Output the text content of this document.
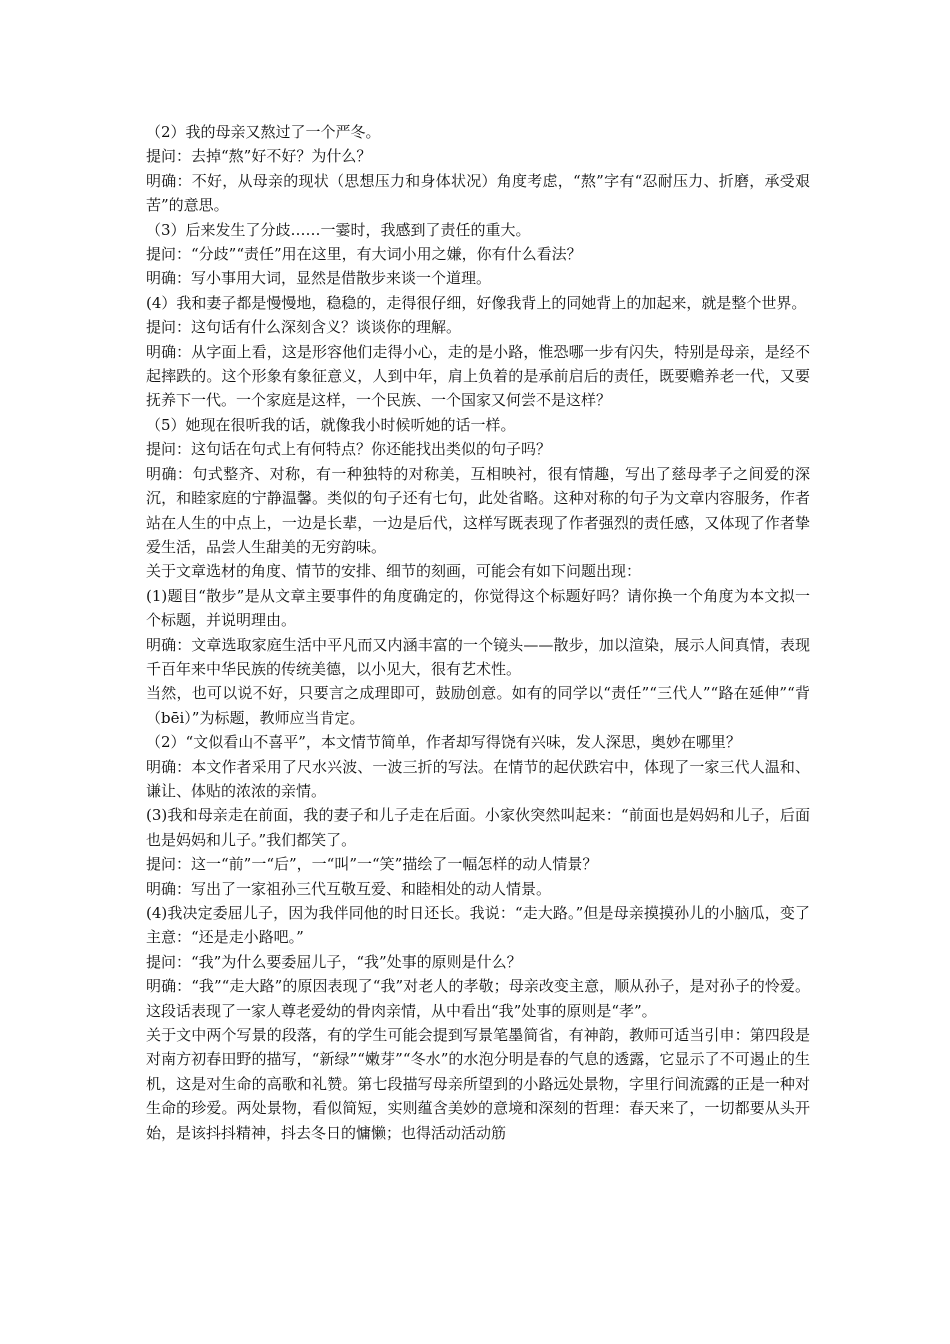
（2）我的母亲又熬过了一个严冬。

提问：去掉“熬”好不好？为什么？

明确：不好，从母亲的现状（思想压力和身体状况）角度考虑，“熬”字有“忍耐压力、折磨，承受艰苦”的意思。

（3）后来发生了分歧……一霎时，我感到了责任的重大。

提问：“分歧”“责任”用在这里，有大词小用之嫌，你有什么看法？

明确：写小事用大词，显然是借散步来谈一个道理。

(4）我和妻子都是慢慢地，稳稳的，走得很仔细，好像我背上的同她背上的加起来，就是整个世界。

提问：这句话有什么深刻含义？谈谈你的理解。

明确：从字面上看，这是形容他们走得小心，走的是小路，惟恐哪一步有闪失，特别是母亲，是经不起摔跌的。这个形象有象征意义，人到中年，肩上负着的是承前启后的责任，既要赡养老一代，又要抚养下一代。一个家庭是这样，一个民族、一个国家又何尝不是这样？

（5）她现在很听我的话，就像我小时候听她的话一样。

提问：这句话在句式上有何特点？你还能找出类似的句子吗？

明确：句式整齐、对称，有一种独特的对称美，互相映衬，很有情趣，写出了慈母孝子之间爱的深沉，和睦家庭的宁静温馨。类似的句子还有七句，此处省略。这种对称的句子为文章内容服务，作者站在人生的中点上，一边是长辈，一边是后代，这样写既表现了作者强烈的责任感，又体现了作者挚爱生活，品尝人生甜美的无穷韵味。

关于文章选材的角度、情节的安排、细节的刻画，可能会有如下问题出现：

(1)题目“散步”是从文章主要事件的角度确定的，你觉得这个标题好吗？请你换一个角度为本文拟一个标题，并说明理由。

明确：文章选取家庭生活中平凡而又内涵丰富的一个镜头——散步，加以渲染，展示人间真情，表现千百年来中华民族的传统美德，以小见大，很有艺术性。

当然，也可以说不好，只要言之成理即可，鼓励创意。如有的同学以“责任”“三代人”“路在延伸”“背（bēi）”为标题，教师应当肯定。

（2）“文似看山不喜平”，本文情节简单，作者却写得饶有兴味，发人深思，奥妙在哪里？

明确：本文作者采用了尺水兴波、一波三折的写法。在情节的起伏跌宕中，体现了一家三代人温和、谦让、体贴的浓浓的亲情。

(3)我和母亲走在前面，我的妻子和儿子走在后面。小家伙突然叫起来：“前面也是妈妈和儿子，后面也是妈妈和儿子。”我们都笑了。

提问：这一“前”一“后”，一“叫”一“笑”描绘了一幅怎样的动人情景？

明确：写出了一家祖孙三代互敬互爱、和睦相处的动人情景。

(4)我决定委屈儿子，因为我伴同他的时日还长。我说：“走大路。”但是母亲摸摸孙儿的小脑瓜，变了主意：“还是走小路吧。”

提问：“我”为什么要委屈儿子，“我”处事的原则是什么？

明确：“我”“走大路”的原因表现了“我”对老人的孝敬；母亲改变主意，顺从孙子，是对孙子的怜爱。这段话表现了一家人尊老爱幼的骨肉亲情，从中看出“我”处事的原则是“孝”。

关于文中两个写景的段落，有的学生可能会提到写景笔墨简省，有神韵，教师可适当引申：第四段是对南方初春田野的描写，“新绿”“嫩芽”“冬水”的水泡分明是春的气息的透露，它显示了不可遏止的生机，这是对生命的高歌和礼赞。第七段描写母亲所望到的小路远处景物，字里行间流露的正是一种对生命的珍爱。两处景物，看似简短，实则蕴含美妙的意境和深刻的哲理：春天来了，一切都要从头开始，是该抖抖精神，抖去冬日的慵懒；也得活动活动筋
